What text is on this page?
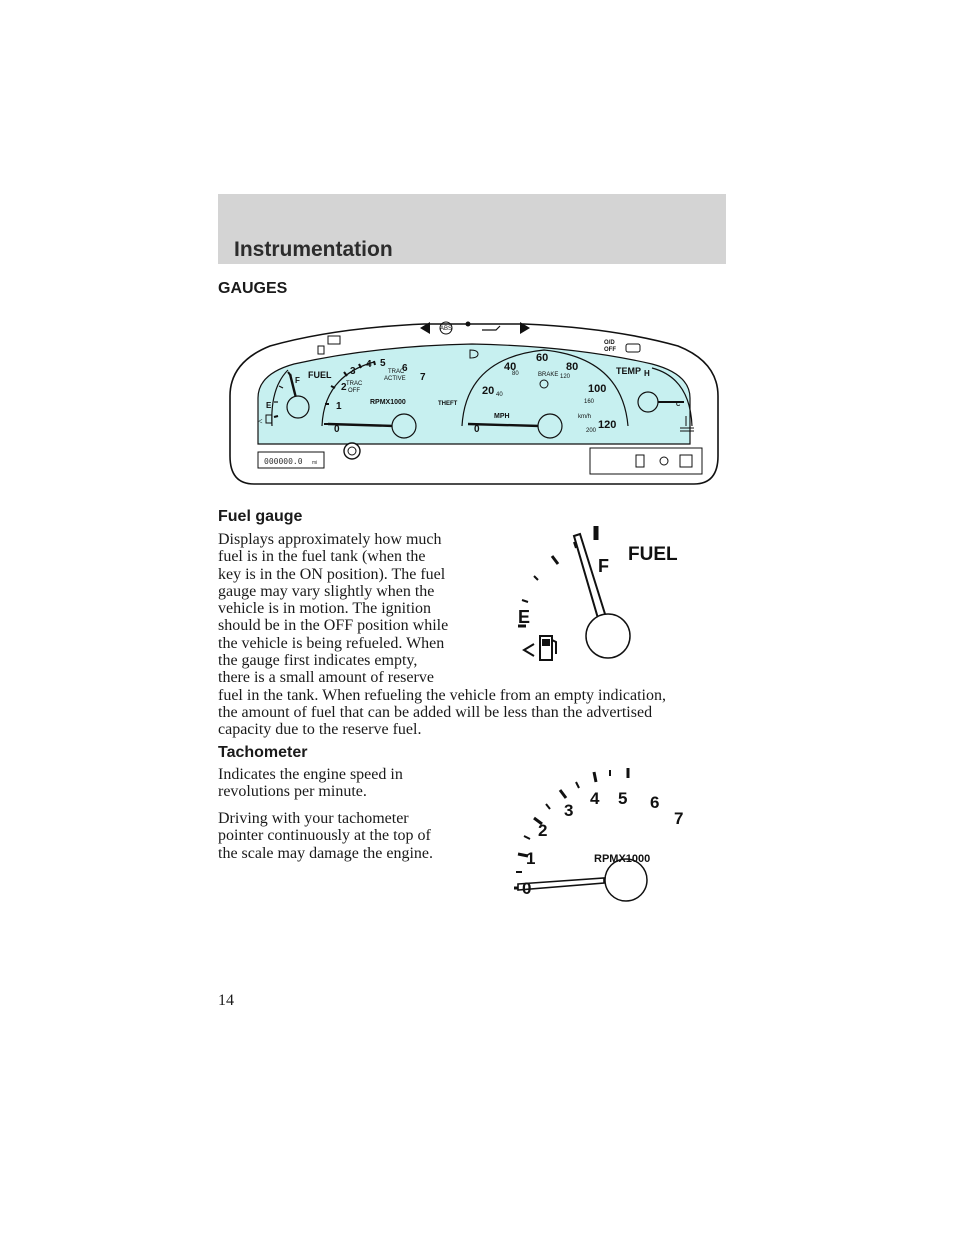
Instrumentation
GAUGES
E
F
FUEL
<
0
1
2
3
4 5 6
7
RPMX1000
TRAC
OFF
TRAC
ACTIVE
THEFT
ABS
O/D
OFF
0
20
40
60
80
100
120
40
80	120
160
200
MPH	km/h
BRAKE	TEMP H
C
000000.0 mi
Fuel gauge

Displays approximately how much
fuel is in the fuel tank (when the
key is in the ON position). The fuel
gauge may vary slightly when the
vehicle is in motion. The ignition
should be in the OFF position while
the vehicle is being refueled. When
the gauge first indicates empty,
there is a small amount of reserve
fuel in the tank. When refueling the vehicle from an empty indication,
the amount of fuel that can be added will be less than the advertised
capacity due to the reserve fuel.

E
F
FUEL
Tachometer

Indicates the engine speed in
revolutions per minute.

Driving with your tachometer
pointer continuously at the top of
the scale may damage the engine.

0
1
2
3
4 5 6
7
RPMX1000
14
